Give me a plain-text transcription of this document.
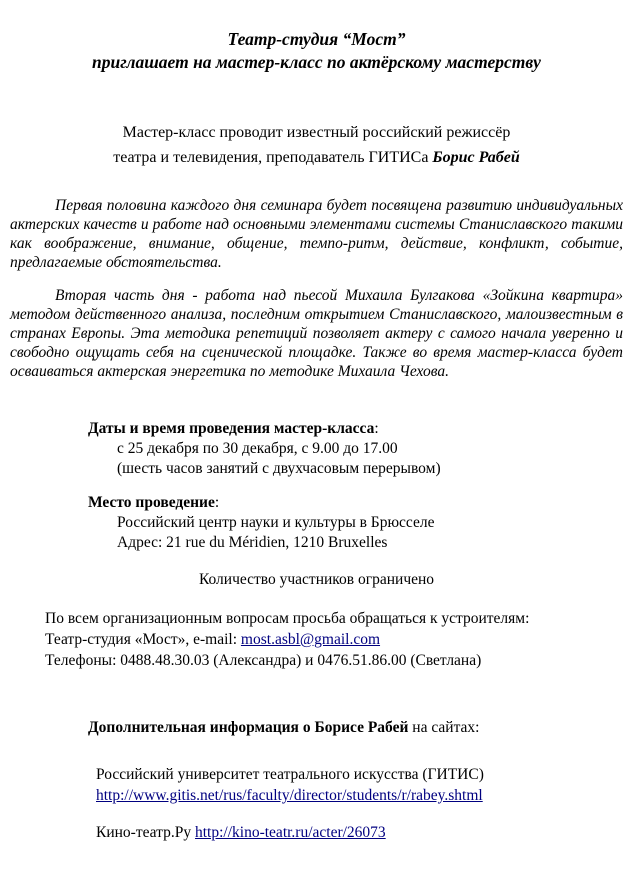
Театр-студия “Мост”
приглашает на мастер-класс по актёрскому мастерству
Мастер-класс проводит известный российский режиссёр
театра и телевидения, преподаватель ГИТИСа Борис Рабей

Первая половина каждого дня семинара будет посвящена развитию индивидуальных актерских качеств и работе над основными элементами системы Станиславского такими как воображение, внимание, общение, темпо-ритм, действие, конфликт, событие, предлагаемые обстоятельства.

Вторая часть дня - работа над пьесой Михаила Булгакова «Зойкина квартира» методом действенного анализа, последним открытием Станиславского, малоизвестным в странах Европы. Эта методика репетиций позволяет актеру с самого начала уверенно и свободно ощущать себя на сценической площадке. Также во время мастер-класса будет осваиваться актерская энергетика по методике Михаила Чехова.

Даты и время проведения мастер-класса:
с 25 декабря по 30 декабря, с 9.00 до 17.00
(шесть часов занятий с двухчасовым перерывом)
Место проведение:
Российский центр науки и культуры в Брюсселе
Адрес: 21 rue du Méridien, 1210 Bruxelles
Количество участников ограничено
По всем организационным вопросам просьба обращаться к устроителям:
Театр-студия «Мост», e-mail: most.asbl@gmail.com
Телефоны: 0488.48.30.03 (Александра) и 0476.51.86.00 (Светлана)
Дополнительная информация о Борисе Рабей на сайтах:
Российский университет театрального искусства (ГИТИС)
http://www.gitis.net/rus/faculty/director/students/r/rabey.shtml
Кино-театр.Ру http://kino-teatr.ru/acter/26073
